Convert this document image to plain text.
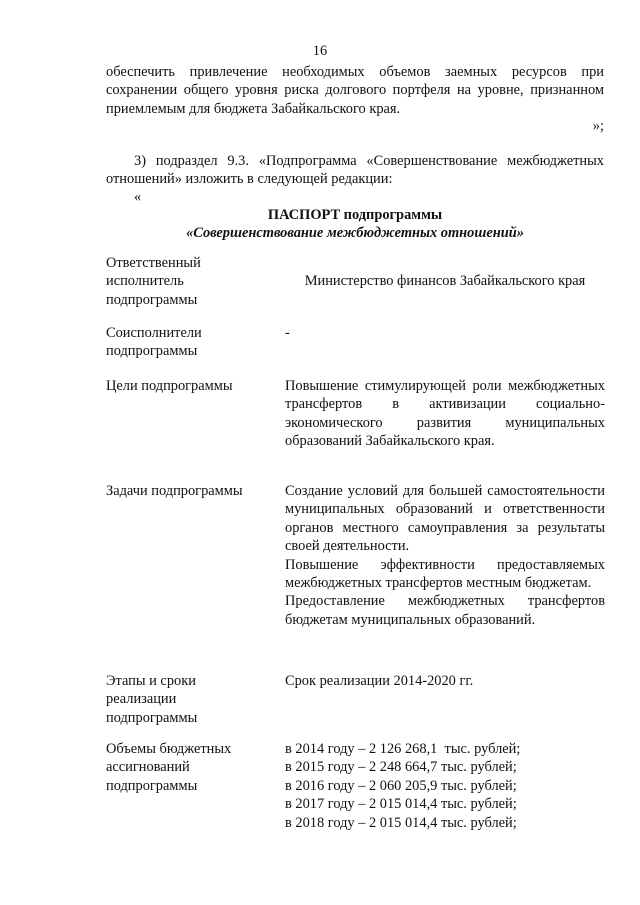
16

обеспечить привлечение необходимых объемов заемных ресурсов при сохранении общего уровня риска долгового портфеля на уровне, признанном приемлемым для бюджета Забайкальского края.

»;

3) подраздел 9.3. «Подпрограмма «Совершенствование межбюджетных отношений» изложить в следующей редакции:

«
ПАСПОРТ подпрограммы
«Совершенствование межбюджетных отношений»
Ответственный исполнитель подпрограммы
Министерство финансов Забайкальского края
Соисполнители подпрограммы
-
Цели подпрограммы	Повышение стимулирующей роли межбюджетных трансфертов в активизации социально-экономического развития муниципальных образований Забайкальского края.

Задачи подпрограммы	Создание условий для большей самостоятельности муниципальных образований и ответственности органов местного самоуправления за результаты своей деятельности.

Повышение эффективности предоставляемых межбюджетных трансфертов местным бюджетам.

Предоставление межбюджетных трансфертов бюджетам муниципальных образований.

Этапы и сроки реализации подпрограммы
Срок реализации 2014-2020 гг.
Объемы бюджетных ассигнований подпрограммы
в 2014 году – 2 126 268,1  тыс. рублей;
в 2015 году – 2 248 664,7 тыс. рублей;
в 2016 году – 2 060 205,9 тыс. рублей;
в 2017 году – 2 015 014,4 тыс. рублей;
в 2018 году – 2 015 014,4 тыс. рублей;
